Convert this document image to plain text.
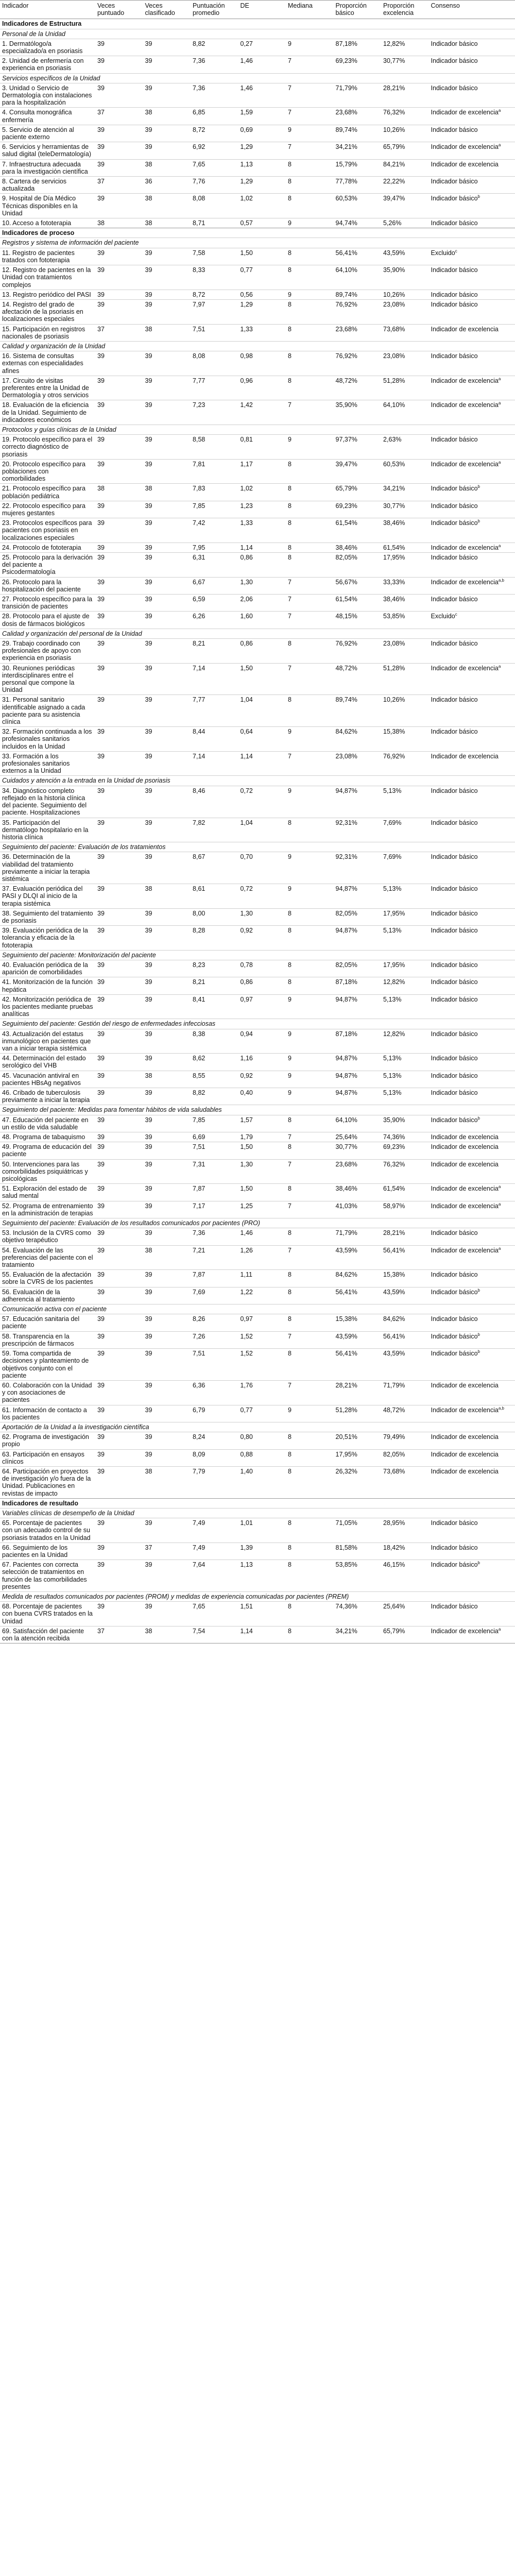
Indicador	Veces puntuado	Veces clasificado	Puntuación promedio	DE	Mediana	Proporción básico	Proporción excelencia	Consenso
Indicadores de Estructura								
Personal de la Unidad								
1. Dermatólogo/a especializado/a en psoriasis	39	39	8,82	0,27	9	87,18%	12,82%	Indicador básico
2. Unidad de enfermería con experiencia en psoriasis	39	39	7,36	1,46	7	69,23%	30,77%	Indicador básico
Servicios específicos de la Unidad								
3. Unidad o Servicio de Dermatología con instalaciones para la hospitalización	39	39	7,36	1,46	7	71,79%	28,21%	Indicador básico
4. Consulta monográfica enfermería	37	38	6,85	1,59	7	23,68%	76,32%	Indicador de excelencia$^a$
5. Servicio de atención al paciente externo	39	39	8,72	0,69	9	89,74%	10,26%	Indicador básico
6. Servicios y herramientas de salud digital (teleDermatología)	39	39	6,92	1,29	7	34,21%	65,79%	Indicador de excelencia$^a$
7. Infraestructura adecuada para la investigación científica	39	38	7,65	1,13	8	15,79%	84,21%	Indicador de excelencia
8. Cartera de servicios actualizada	37	36	7,76	1,29	8	77,78%	22,22%	Indicador básico
9. Hospital de Día Médico Técnicas disponibles en la Unidad	39	38	8,08	1,02	8	60,53%	39,47%	Indicador básico$^b$
10. Acceso a fototerapia	38	38	8,71	0,57	9	94,74%	5,26%	Indicador básico
Indicadores de proceso								
Registros y sistema de información del paciente								
11. Registro de pacientes tratados con fototerapia	39	39	7,58	1,50	8	56,41%	43,59%	Excluido$^c$
12. Registro de pacientes en la Unidad con tratamientos complejos	39	39	8,33	0,77	8	64,10%	35,90%	Indicador básico
13. Registro periódico del PASI	39	39	8,72	0,56	9	89,74%	10,26%	Indicador básico
14. Registro del grado de afectación de la psoriasis en localizaciones especiales	39	39	7,97	1,29	8	76,92%	23,08%	Indicador básico
15. Participación en registros nacionales de psoriasis	37	38	7,51	1,33	8	23,68%	73,68%	Indicador de excelencia
Calidad y organización de la Unidad								
16. Sistema de consultas externas con especialidades afines	39	39	8,08	0,98	8	76,92%	23,08%	Indicador básico
17. Circuito de visitas preferentes entre la Unidad de Dermatología y otros servicios	39	39	7,77	0,96	8	48,72%	51,28%	Indicador de excelencia$^a$
18. Evaluación de la eficiencia de la Unidad. Seguimiento de indicadores económicos	39	39	7,23	1,42	7	35,90%	64,10%	Indicador de excelencia$^a$
Protocolos y guías clínicas de la Unidad								
19. Protocolo específico para el correcto diagnóstico de psoriasis	39	39	8,58	0,81	9	97,37%	2,63%	Indicador básico
20. Protocolo específico para poblaciones con comorbilidades	39	39	7,81	1,17	8	39,47%	60,53%	Indicador de excelencia$^a$
21. Protocolo específico para población pediátrica	38	38	7,83	1,02	8	65,79%	34,21%	Indicador básico$^b$
22. Protocolo específico para mujeres gestantes	39	39	7,85	1,23	8	69,23%	30,77%	Indicador básico
23. Protocolos específicos para pacientes con psoriasis en localizaciones especiales	39	39	7,42	1,33	8	61,54%	38,46%	Indicador básico$^b$
24. Protocolo de fototerapia	39	39	7,95	1,14	8	38,46%	61,54%	Indicador de excelencia$^a$
25. Protocolo para la derivación del paciente a Psicodermatología	39	39	6,31	0,86	8	82,05%	17,95%	Indicador básico
26. Protocolo para la hospitalización del paciente	39	39	6,67	1,30	7	56,67%	33,33%	Indicador de excelencia$^{a,b}$
27. Protocolo específico para la transición de pacientes	39	39	6,59	2,06	7	61,54%	38,46%	Indicador básico
28. Protocolo para el ajuste de dosis de fármacos biológicos	39	39	6,26	1,60	7	48,15%	53,85%	Excluido$^c$
Calidad y organización del personal de la Unidad								
29. Trabajo coordinado con profesionales de apoyo con experiencia en psoriasis	39	39	8,21	0,86	8	76,92%	23,08%	Indicador básico
30. Reuniones periódicas interdisciplinares entre el personal que compone la Unidad	39	39	7,14	1,50	7	48,72%	51,28%	Indicador de excelencia$^a$
31. Personal sanitario identificable asignado a cada paciente para su asistencia clínica	39	39	7,77	1,04	8	89,74%	10,26%	Indicador básico
32. Formación continuada a los profesionales sanitarios incluidos en la Unidad	39	39	8,44	0,64	9	84,62%	15,38%	Indicador básico
33. Formación a los profesionales sanitarios externos a la Unidad	39	39	7,14	1,14	7	23,08%	76,92%	Indicador de excelencia
Cuidados y atención a la entrada en la Unidad de psoriasis								
34. Diagnóstico completo reflejado en la historia clínica del paciente. Seguimiento del paciente. Hospitalizaciones	39	39	8,46	0,72	9	94,87%	5,13%	Indicador básico
35. Participación del dermatólogo hospitalario en la historia clínica	39	39	7,82	1,04	8	92,31%	7,69%	Indicador básico
Seguimiento del paciente: Evaluación de los tratamientos								
36. Determinación de la viabilidad del tratamiento previamente a iniciar la terapia sistémica	39	39	8,67	0,70	9	92,31%	7,69%	Indicador básico
37. Evaluación periódica del PASI y DLQI al inicio de la terapia sistémica	39	38	8,61	0,72	9	94,87%	5,13%	Indicador básico
38. Seguimiento del tratamiento de psoriasis	39	39	8,00	1,30	8	82,05%	17,95%	Indicador básico
39. Evaluación periódica de la tolerancia y eficacia de la fototerapia	39	39	8,28	0,92	8	94,87%	5,13%	Indicador básico
Seguimiento del paciente: Monitorización del paciente								
40. Evaluación periódica de la aparición de comorbilidades	39	39	8,23	0,78	8	82,05%	17,95%	Indicador básico
41. Monitorización de la función hepática	39	39	8,21	0,86	8	87,18%	12,82%	Indicador básico
42. Monitorización periódica de los pacientes mediante pruebas analíticas	39	39	8,41	0,97	9	94,87%	5,13%	Indicador básico
Seguimiento del paciente: Gestión del riesgo de enfermedades infecciosas								
43. Actualización del estatus inmunológico en pacientes que van a iniciar terapia sistémica	39	39	8,38	0,94	9	87,18%	12,82%	Indicador básico
44. Determinación del estado serológico del VHB	39	39	8,62	1,16	9	94,87%	5,13%	Indicador básico
45. Vacunación antiviral en pacientes HBsAg negativos	39	38	8,55	0,92	9	94,87%	5,13%	Indicador básico
46. Cribado de tuberculosis previamente a iniciar la terapia	39	39	8,82	0,40	9	94,87%	5,13%	Indicador básico
Seguimiento del paciente: Medidas para fomentar hábitos de vida saludables								
47. Educación del paciente en un estilo de vida saludable	39	39	7,85	1,57	8	64,10%	35,90%	Indicador básico$^b$
48. Programa de tabaquismo	39	39	6,69	1,79	7	25,64%	74,36%	Indicador de excelencia
49. Programa de educación del paciente	39	39	7,51	1,50	8	30,77%	69,23%	Indicador de excelencia
50. Intervenciones para las comorbilidades psiquiátricas y psicológicas	39	39	7,31	1,30	7	23,68%	76,32%	Indicador de excelencia
51. Exploración del estado de salud mental	39	39	7,87	1,50	8	38,46%	61,54%	Indicador de excelencia$^a$
52. Programa de entrenamiento en la administración de terapias	39	39	7,17	1,25	7	41,03%	58,97%	Indicador de excelencia$^a$
Seguimiento del paciente: Evaluación de los resultados comunicados por pacientes (PRO)								
53. Inclusión de la CVRS como objetivo terapéutico	39	39	7,36	1,46	8	71,79%	28,21%	Indicador básico
54. Evaluación de las preferencias del paciente con el tratamiento	39	38	7,21	1,26	7	43,59%	56,41%	Indicador de excelencia$^a$
55. Evaluación de la afectación sobre la CVRS de los pacientes	39	39	7,87	1,11	8	84,62%	15,38%	Indicador básico
56. Evaluación de la adherencia al tratamiento	39	39	7,69	1,22	8	56,41%	43,59%	Indicador básico$^b$
Comunicación activa con el paciente								
57. Educación sanitaria del paciente	39	39	8,26	0,97	8	15,38%	84,62%	Indicador básico
58. Transparencia en la prescripción de fármacos	39	39	7,26	1,52	7	43,59%	56,41%	Indicador básico$^b$
59. Toma compartida de decisiones y planteamiento de objetivos conjunto con el paciente	39	39	7,51	1,52	8	56,41%	43,59%	Indicador básico$^b$
60. Colaboración con la Unidad y con asociaciones de pacientes	39	39	6,36	1,76	7	28,21%	71,79%	Indicador de excelencia
61. Información de contacto a los pacientes	39	39	6,79	0,77	9	51,28%	48,72%	Indicador de excelencia$^{a,b}$
Aportación de la Unidad a la investigación científica								
62. Programa de investigación propio	39	39	8,24	0,80	8	20,51%	79,49%	Indicador de excelencia
63. Participación en ensayos clínicos	39	39	8,09	0,88	8	17,95%	82,05%	Indicador de excelencia
64. Participación en proyectos de investigación y/o fuera de la Unidad. Publicaciones en revistas de impacto	39	38	7,79	1,40	8	26,32%	73,68%	Indicador de excelencia
Indicadores de resultado								
Variables clínicas de desempeño de la Unidad								
65. Porcentaje de pacientes con un adecuado control de su psoriasis tratados en la Unidad	39	39	7,49	1,01	8	71,05%	28,95%	Indicador básico
66. Seguimiento de los pacientes en la Unidad	39	37	7,49	1,39	8	81,58%	18,42%	Indicador básico
67. Pacientes con correcta selección de tratamientos en función de las comorbilidades presentes	39	39	7,64	1,13	8	53,85%	46,15%	Indicador básico$^b$
Medida de resultados comunicados por pacientes (PROM) y medidas de experiencia comunicadas por pacientes (PREM)								
68. Porcentaje de pacientes con buena CVRS tratados en la Unidad	39	39	7,65	1,51	8	74,36%	25,64%	Indicador básico
69. Satisfacción del paciente con la atención recibida	37	38	7,54	1,14	8	34,21%	65,79%	Indicador de excelencia$^a$
